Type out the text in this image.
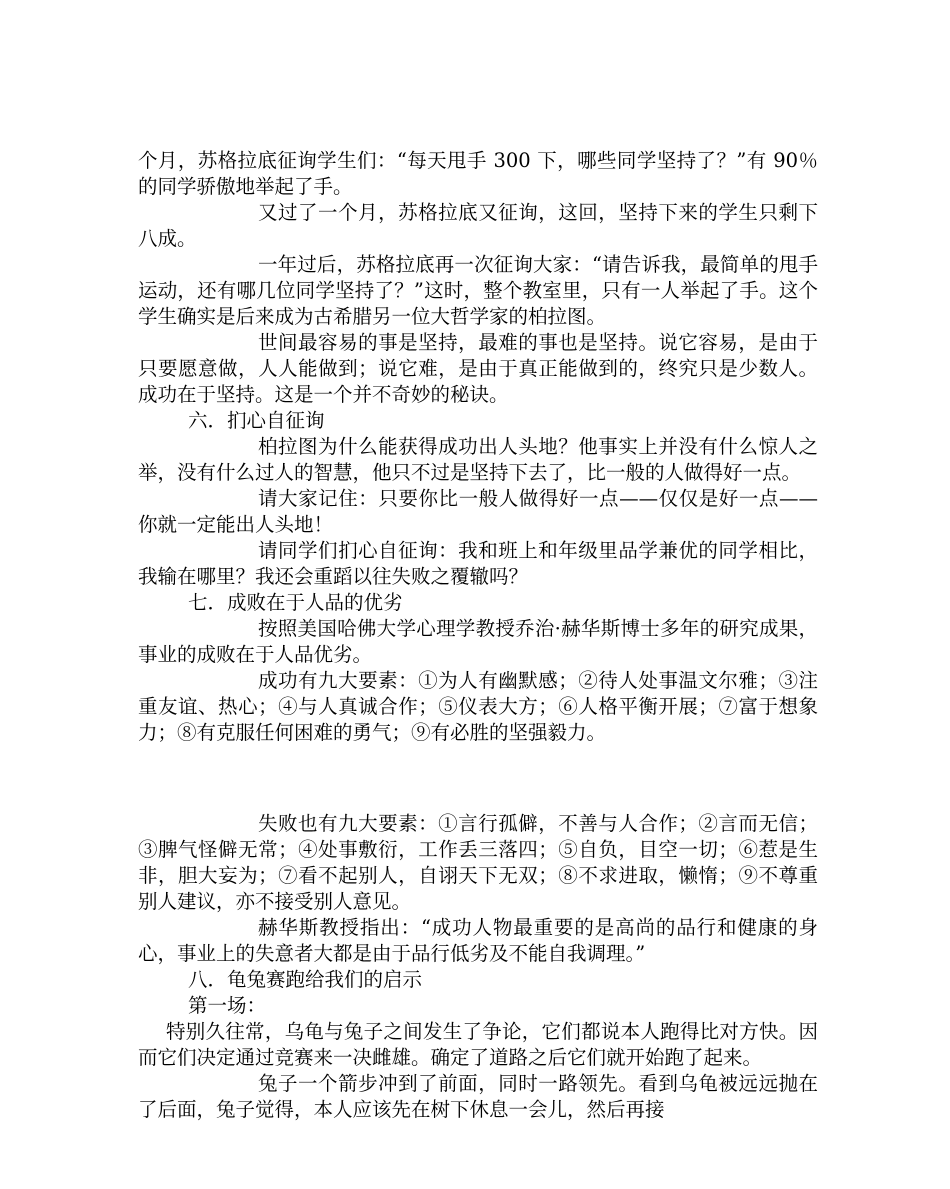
个月，苏格拉底征询学生们：“每天甩手 300 下，哪些同学坚持了？”有 90％的同学骄傲地举起了手。

又过了一个月，苏格拉底又征询，这回，坚持下来的学生只剩下八成。

一年过后，苏格拉底再一次征询大家：“请告诉我，最简单的甩手运动，还有哪几位同学坚持了？”这时，整个教室里，只有一人举起了手。这个学生确实是后来成为古希腊另一位大哲学家的柏拉图。

世间最容易的事是坚持，最难的事也是坚持。说它容易，是由于只要愿意做，人人能做到；说它难，是由于真正能做到的，终究只是少数人。成功在于坚持。这是一个并不奇妙的秘诀。

六．扪心自征询

柏拉图为什么能获得成功出人头地？他事实上并没有什么惊人之举，没有什么过人的智慧，他只不过是坚持下去了，比一般的人做得好一点。

请大家记住：只要你比一般人做得好一点——仅仅是好一点——你就一定能出人头地！

请同学们扪心自征询：我和班上和年级里品学兼优的同学相比，我输在哪里？我还会重蹈以往失败之覆辙吗？

七．成败在于人品的优劣

按照美国哈佛大学心理学教授乔治·赫华斯博士多年的研究成果，事业的成败在于人品优劣。

成功有九大要素：①为人有幽默感；②待人处事温文尔雅；③注重友谊、热心；④与人真诚合作；⑤仪表大方；⑥人格平衡开展；⑦富于想象力；⑧有克服任何困难的勇气；⑨有必胜的坚强毅力。

失败也有九大要素：①言行孤僻，不善与人合作；②言而无信；③脾气怪僻无常；④处事敷衍，工作丢三落四；⑤自负，目空一切；⑥惹是生非，胆大妄为；⑦看不起别人，自诩天下无双；⑧不求进取，懒惰；⑨不尊重别人建议，亦不接受别人意见。

赫华斯教授指出：“成功人物最重要的是高尚的品行和健康的身心，事业上的失意者大都是由于品行低劣及不能自我调理。”

八．龟兔赛跑给我们的启示

第一场：

特别久往常，乌龟与兔子之间发生了争论，它们都说本人跑得比对方快。因而它们决定通过竞赛来一决雌雄。确定了道路之后它们就开始跑了起来。

兔子一个箭步冲到了前面，同时一路领先。看到乌龟被远远抛在了后面，兔子觉得，本人应该先在树下休息一会儿，然后再接
